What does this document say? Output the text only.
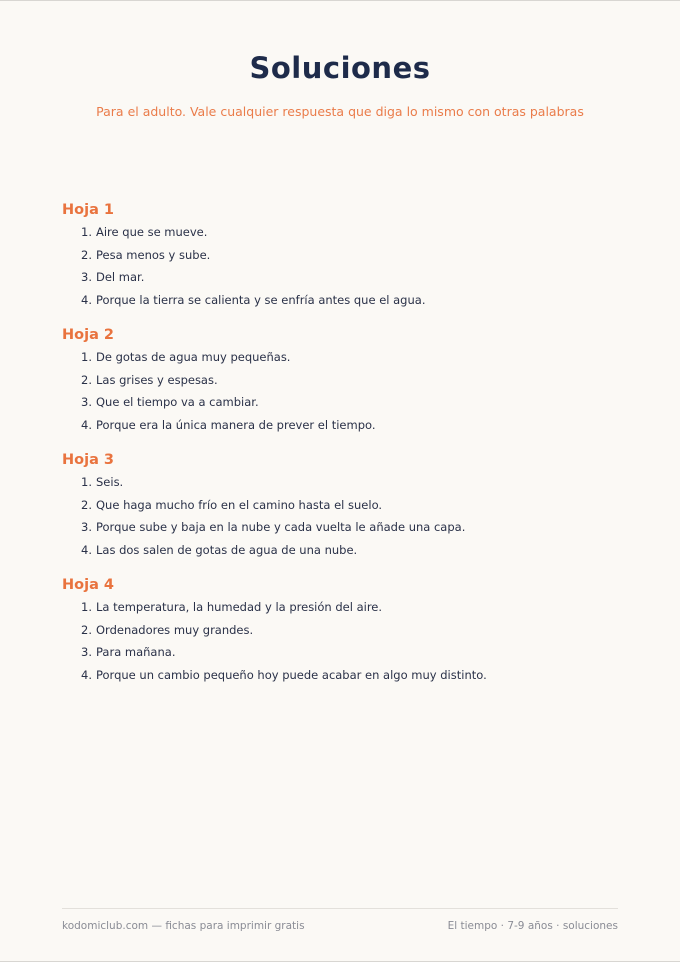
Soluciones
Para el adulto. Vale cualquier respuesta que diga lo mismo con otras palabras
Hoja 1
1. Aire que se mueve.
2. Pesa menos y sube.
3. Del mar.
4. Porque la tierra se calienta y se enfría antes que el agua.
Hoja 2
1. De gotas de agua muy pequeñas.
2. Las grises y espesas.
3. Que el tiempo va a cambiar.
4. Porque era la única manera de prever el tiempo.
Hoja 3
1. Seis.
2. Que haga mucho frío en el camino hasta el suelo.
3. Porque sube y baja en la nube y cada vuelta le añade una capa.
4. Las dos salen de gotas de agua de una nube.
Hoja 4
1. La temperatura, la humedad y la presión del aire.
2. Ordenadores muy grandes.
3. Para mañana.
4. Porque un cambio pequeño hoy puede acabar en algo muy distinto.
kodomiclub.com — fichas para imprimir gratis	El tiempo · 7-9 años · soluciones
